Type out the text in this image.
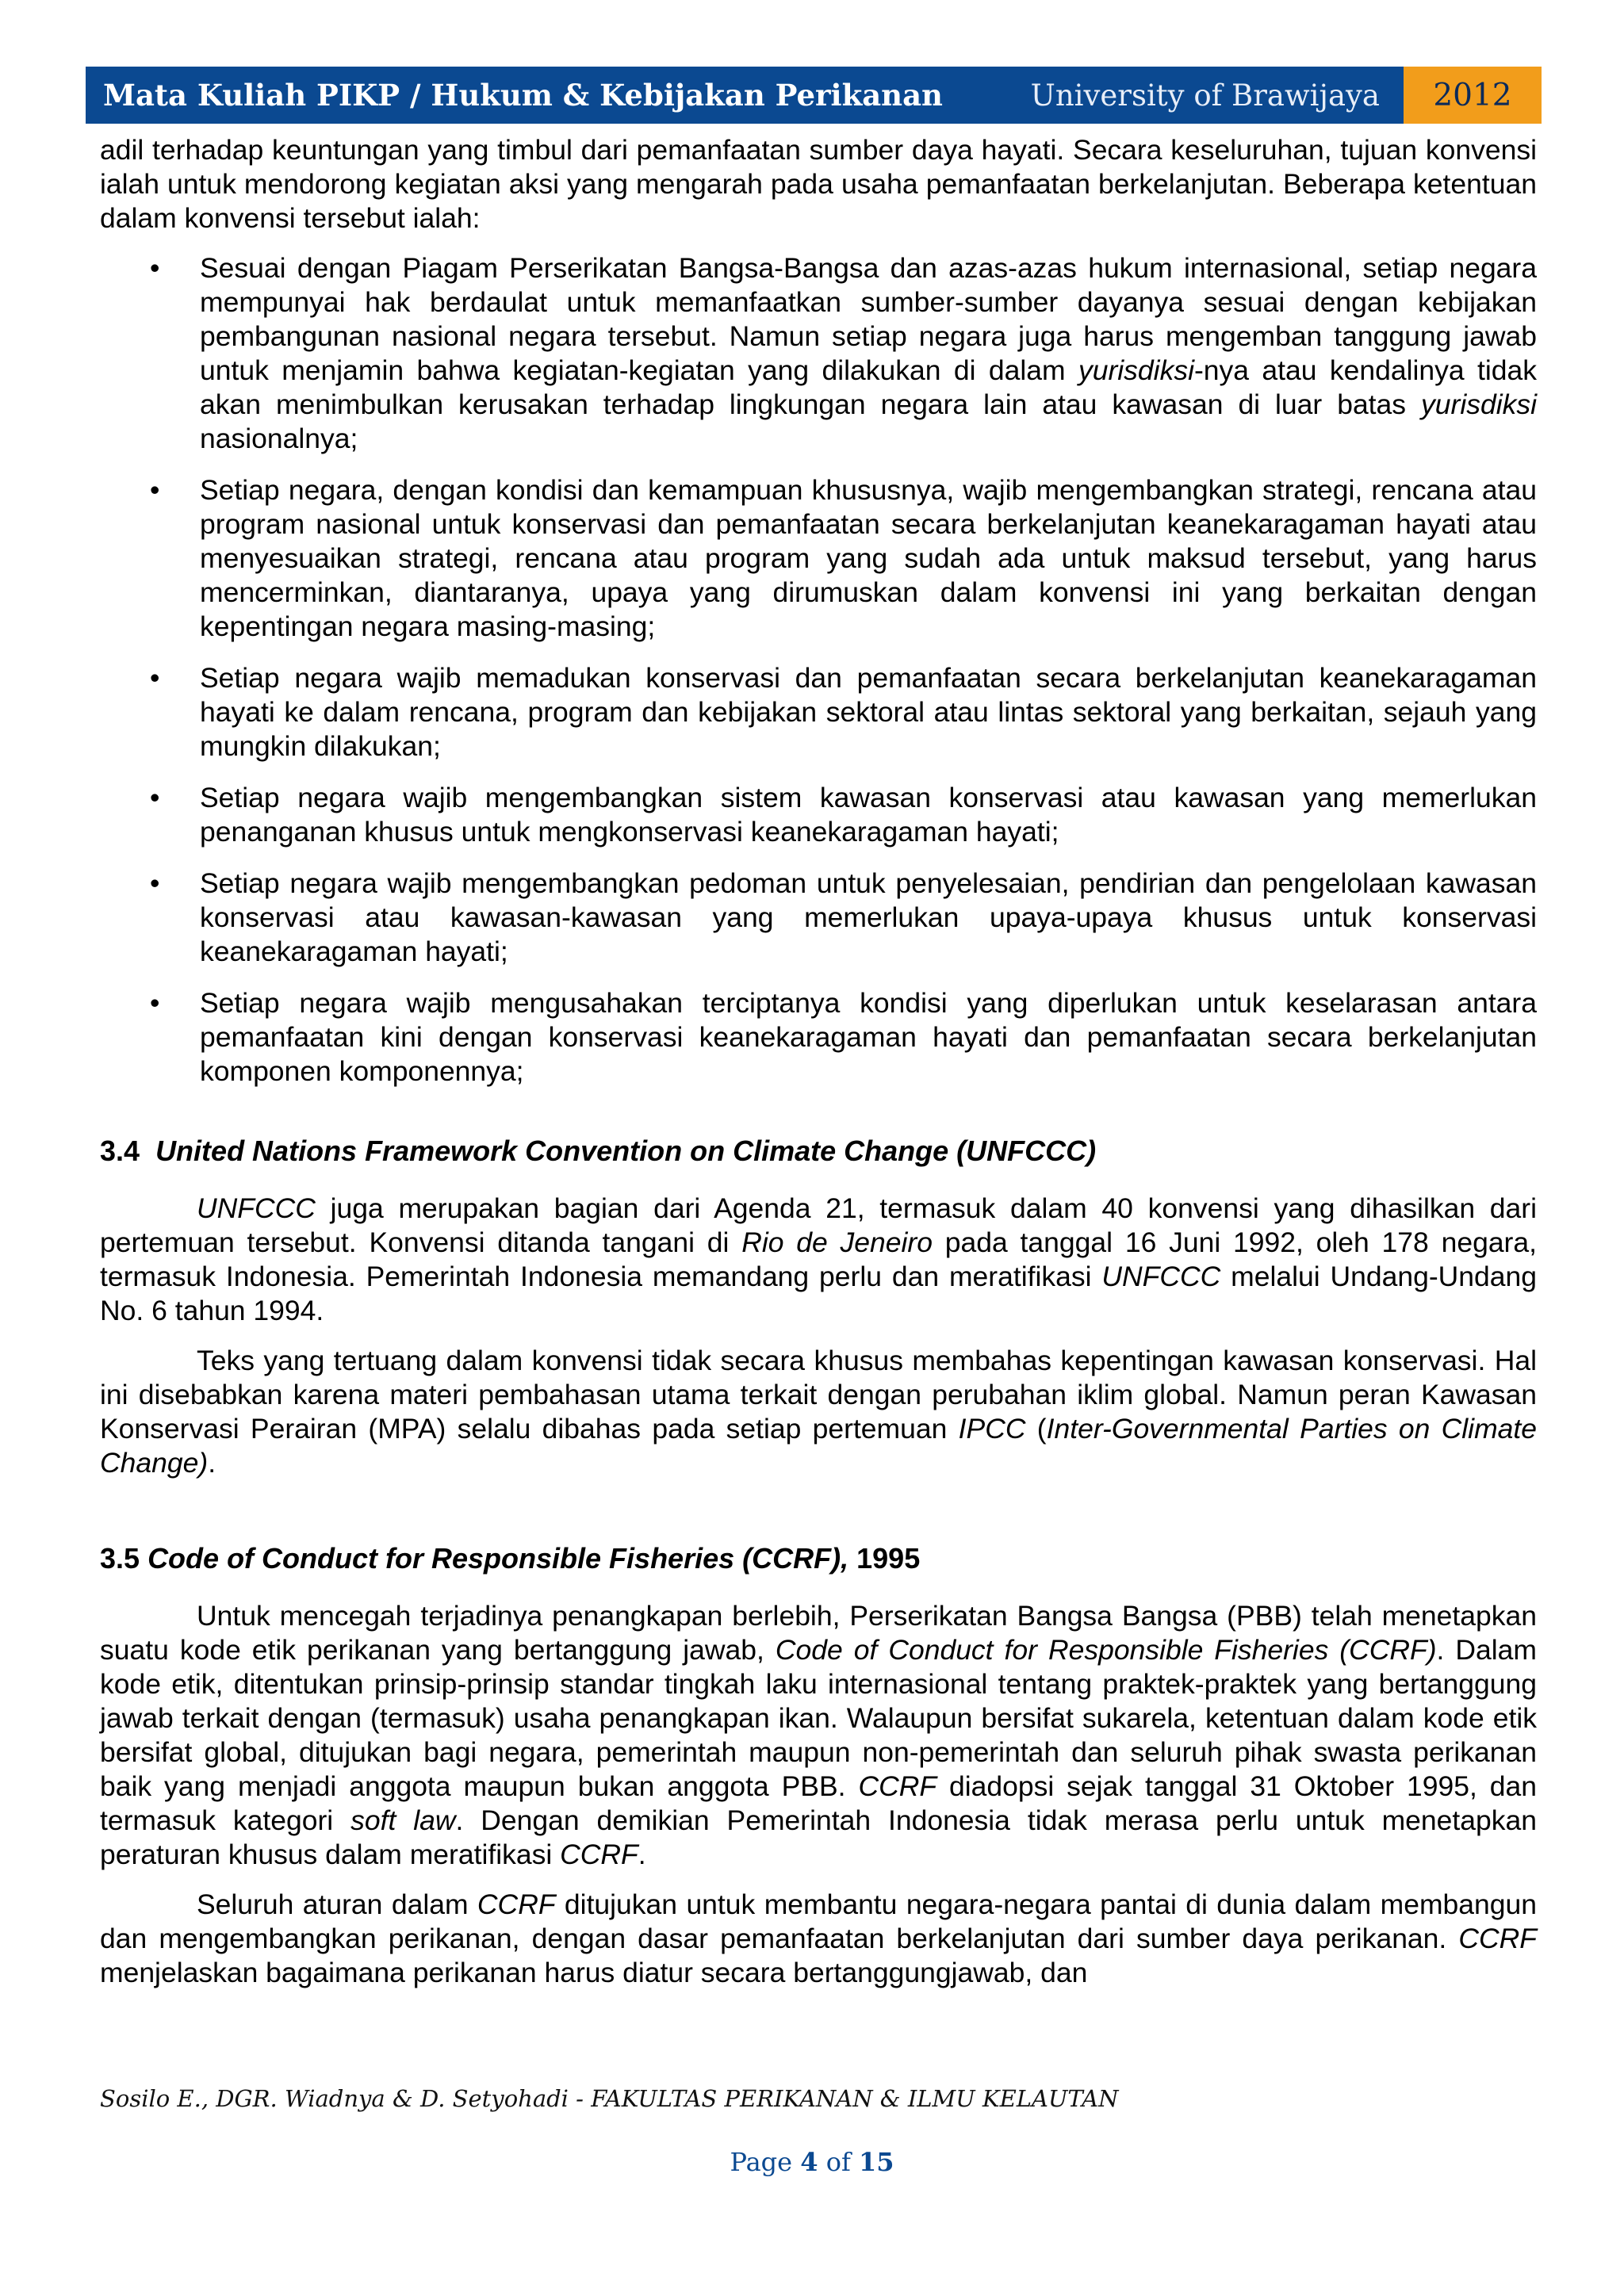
Mata Kuliah PIKP / Hukum & Kebijakan Perikanan	University of Brawijaya	2012

adil terhadap keuntungan yang timbul dari pemanfaatan sumber daya hayati. Secara keseluruhan, tujuan konvensi ialah untuk mendorong kegiatan aksi yang mengarah pada usaha pemanfaatan berkelanjutan. Beberapa ketentuan dalam konvensi tersebut ialah:

• Sesuai dengan Piagam Perserikatan Bangsa-Bangsa dan azas-azas hukum internasional, setiap negara mempunyai hak berdaulat untuk memanfaatkan sumber-sumber dayanya sesuai dengan kebijakan pembangunan nasional negara tersebut. Namun setiap negara juga harus mengemban tanggung jawab untuk menjamin bahwa kegiatan-kegiatan yang dilakukan di dalam yurisdiksi-nya atau kendalinya tidak akan menimbulkan kerusakan terhadap lingkungan negara lain atau kawasan di luar batas yurisdiksi nasionalnya;
• Setiap negara, dengan kondisi dan kemampuan khususnya, wajib mengembangkan strategi, rencana atau program nasional untuk konservasi dan pemanfaatan secara berkelanjutan keanekaragaman hayati atau menyesuaikan strategi, rencana atau program yang sudah ada untuk maksud tersebut, yang harus mencerminkan, diantaranya, upaya yang dirumuskan dalam konvensi ini yang berkaitan dengan kepentingan negara masing-masing;
• Setiap negara wajib memadukan konservasi dan pemanfaatan secara berkelanjutan keanekaragaman hayati ke dalam rencana, program dan kebijakan sektoral atau lintas sektoral yang berkaitan, sejauh yang mungkin dilakukan;
• Setiap negara wajib mengembangkan sistem kawasan konservasi atau kawasan yang memerlukan penanganan khusus untuk mengkonservasi keanekaragaman hayati;
• Setiap negara wajib mengembangkan pedoman untuk penyelesaian, pendirian dan pengelolaan kawasan konservasi atau kawasan-kawasan yang memerlukan upaya-upaya khusus untuk konservasi keanekaragaman hayati;
• Setiap negara wajib mengusahakan terciptanya kondisi yang diperlukan untuk keselarasan antara pemanfaatan kini dengan konservasi keanekaragaman hayati dan pemanfaatan secara berkelanjutan komponen komponennya;
3.4 United Nations Framework Convention on Climate Change (UNFCCC)

UNFCCC juga merupakan bagian dari Agenda 21, termasuk dalam 40 konvensi yang dihasilkan dari pertemuan tersebut. Konvensi ditanda tangani di Rio de Jeneiro pada tanggal 16 Juni 1992, oleh 178 negara, termasuk Indonesia. Pemerintah Indonesia memandang perlu dan meratifikasi UNFCCC melalui Undang-Undang No. 6 tahun 1994.

Teks yang tertuang dalam konvensi tidak secara khusus membahas kepentingan kawasan konservasi. Hal ini disebabkan karena materi pembahasan utama terkait dengan perubahan iklim global. Namun peran Kawasan Konservasi Perairan (MPA) selalu dibahas pada setiap pertemuan IPCC (Inter-Governmental Parties on Climate Change).

3.5 Code of Conduct for Responsible Fisheries (CCRF), 1995

Untuk mencegah terjadinya penangkapan berlebih, Perserikatan Bangsa Bangsa (PBB) telah menetapkan suatu kode etik perikanan yang bertanggung jawab, Code of Conduct for Responsible Fisheries (CCRF). Dalam kode etik, ditentukan prinsip-prinsip standar tingkah laku internasional tentang praktek-praktek yang bertanggung jawab terkait dengan (termasuk) usaha penangkapan ikan. Walaupun bersifat sukarela, ketentuan dalam kode etik bersifat global, ditujukan bagi negara, pemerintah maupun non-pemerintah dan seluruh pihak swasta perikanan baik yang menjadi anggota maupun bukan anggota PBB. CCRF diadopsi sejak tanggal 31 Oktober 1995, dan termasuk kategori soft law. Dengan demikian Pemerintah Indonesia tidak merasa perlu untuk menetapkan peraturan khusus dalam meratifikasi CCRF.

Seluruh aturan dalam CCRF ditujukan untuk membantu negara-negara pantai di dunia dalam membangun dan mengembangkan perikanan, dengan dasar pemanfaatan berkelanjutan dari sumber daya perikanan. CCRF menjelaskan bagaimana perikanan harus diatur secara bertanggungjawab, dan

Sosilo E., DGR. Wiadnya & D. Setyohadi - FAKULTAS PERIKANAN & ILMU KELAUTAN
Page 4 of 15
